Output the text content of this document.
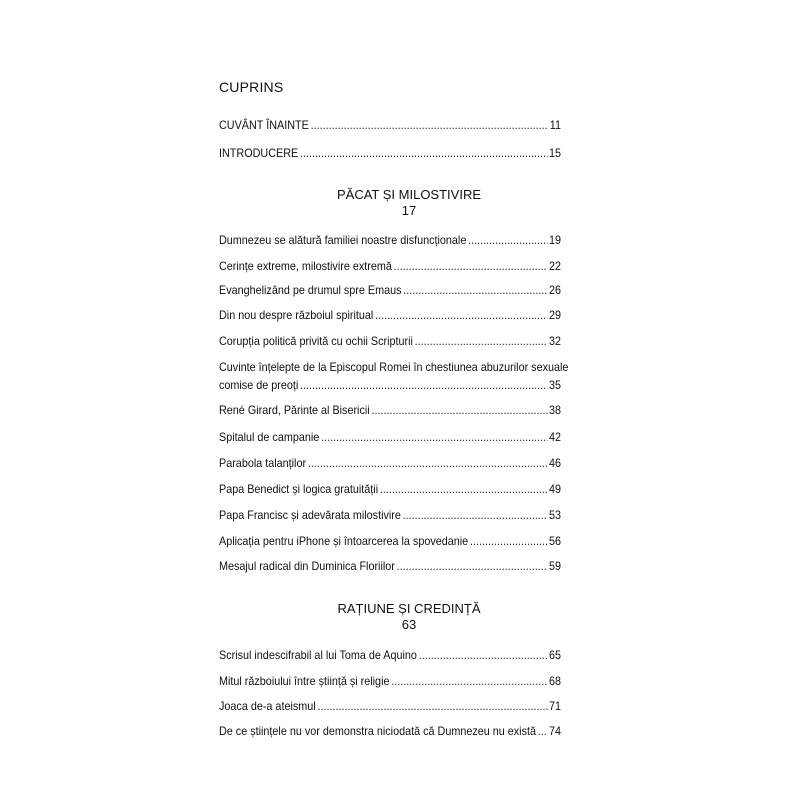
CUPRINS
CUVÂNT ÎNAINTE .....	11
INTRODUCERE .....	15
PĂCAT ȘI MILOSTIVIRE
17
Dumnezeu se alătură familiei noastre disfuncționale .....	19
Cerințe extreme, milostivire extremă .....	22
Evanghelizând pe drumul spre Emaus .....	26
Din nou despre războiul spiritual .....	29
Corupția politică privită cu ochii Scripturii .....	32
Cuvinte înțelepte de la Episcopul Romei în chestiunea abuzurilor sexuale
comise de preoți .....	35
René Girard, Părinte al Bisericii .....	38
Spitalul de campanie .....	42
Parabola talanților .....	46
Papa Benedict și logica gratuității .....	49
Papa Francisc și adevărata milostivire .....	53
Aplicația pentru iPhone și întoarcerea la spovedanie .....	56
Mesajul radical din Duminica Floriilor .....	59
RAȚIUNE ȘI CREDINȚĂ
63
Scrisul indescifrabil al lui Toma de Aquino .....	65
Mitul războiului între știință și religie .....	68
Joaca de-a ateismul .....	71
De ce științele nu vor demonstra niciodată că Dumnezeu nu există ..... 74
